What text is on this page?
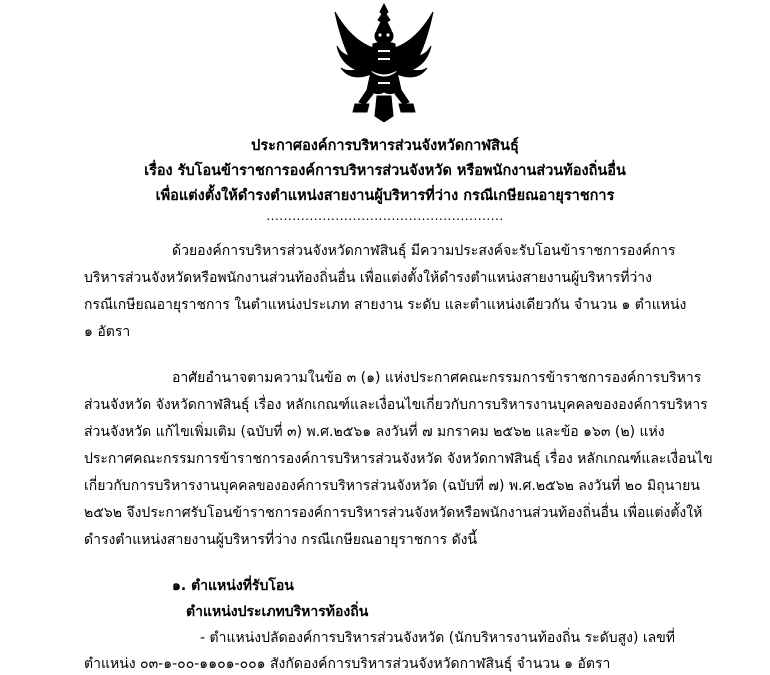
ประกาศองค์การบริหารส่วนจังหวัดกาฬสินธุ์
เรื่อง รับโอนข้าราชการองค์การบริหารส่วนจังหวัด หรือพนักงานส่วนท้องถิ่นอื่น
เพื่อแต่งตั้งให้ดำรงตำแหน่งสายงานผู้บริหารที่ว่าง กรณีเกษียณอายุราชการ
.......................................................
ด้วยองค์การบริหารส่วนจังหวัดกาฬสินธุ์ มีความประสงค์จะรับโอนข้าราชการองค์การ
บริหารส่วนจังหวัดหรือพนักงานส่วนท้องถิ่นอื่น เพื่อแต่งตั้งให้ดำรงตำแหน่งสายงานผู้บริหารที่ว่าง
กรณีเกษียณอายุราชการ ในตำแหน่งประเภท สายงาน ระดับ และตำแหน่งเดียวกัน จำนวน ๑ ตำแหน่ง
๑ อัตรา
อาศัยอำนาจตามความในข้อ ๓ (๑) แห่งประกาศคณะกรรมการข้าราชการองค์การบริหาร
ส่วนจังหวัด จังหวัดกาฬสินธุ์ เรื่อง หลักเกณฑ์และเงื่อนไขเกี่ยวกับการบริหารงานบุคคลขององค์การบริหาร
ส่วนจังหวัด แก้ไขเพิ่มเติม (ฉบับที่ ๓) พ.ศ.๒๕๖๑ ลงวันที่ ๗ มกราคม ๒๕๖๒ และข้อ ๑๖๓ (๒) แห่ง
ประกาศคณะกรรมการข้าราชการองค์การบริหารส่วนจังหวัด จังหวัดกาฬสินธุ์ เรื่อง หลักเกณฑ์และเงื่อนไข
เกี่ยวกับการบริหารงานบุคคลขององค์การบริหารส่วนจังหวัด (ฉบับที่ ๗) พ.ศ.๒๕๖๒ ลงวันที่ ๒๐ มิถุนายน
๒๕๖๒ จึงประกาศรับโอนข้าราชการองค์การบริหารส่วนจังหวัดหรือพนักงานส่วนท้องถิ่นอื่น เพื่อแต่งตั้งให้
ดำรงตำแหน่งสายงานผู้บริหารที่ว่าง กรณีเกษียณอายุราชการ ดังนี้
๑. ตำแหน่งที่รับโอน
ตำแหน่งประเภทบริหารท้องถิ่น
- ตำแหน่งปลัดองค์การบริหารส่วนจังหวัด (นักบริหารงานท้องถิ่น ระดับสูง) เลขที่
ตำแหน่ง ๐๓-๑-๐๐-๑๑๐๑-๐๐๑ สังกัดองค์การบริหารส่วนจังหวัดกาฬสินธุ์ จำนวน ๑ อัตรา
